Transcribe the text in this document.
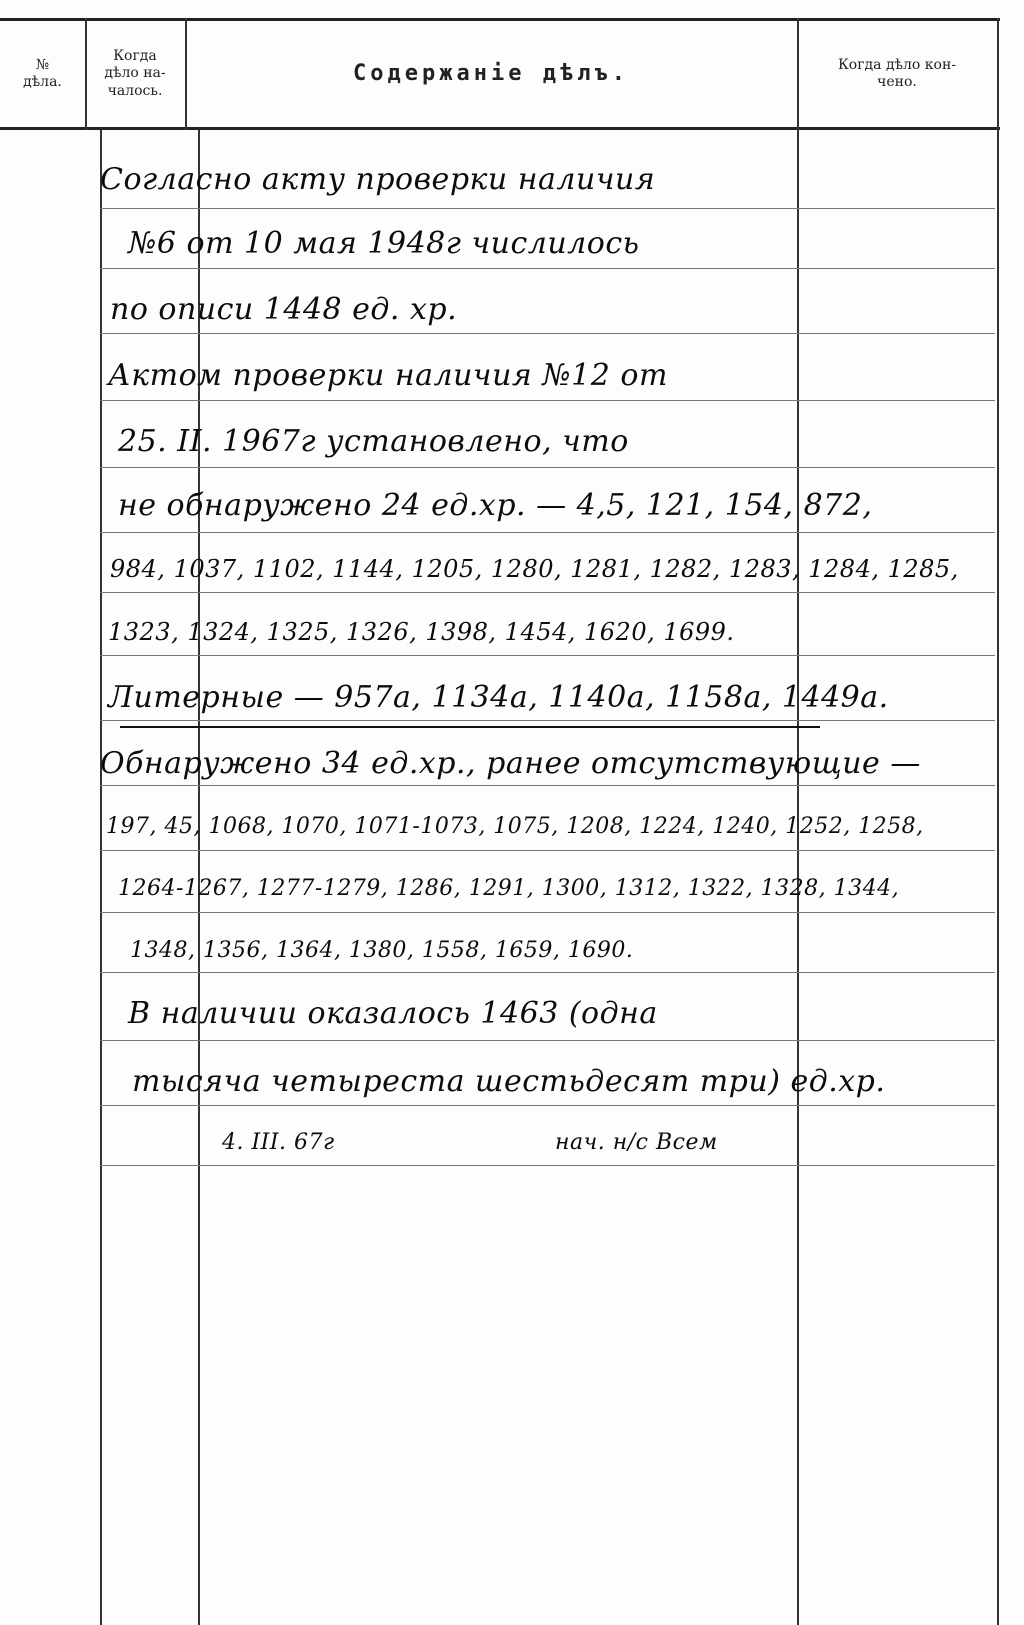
№
дѣла.
Когда
дѣло на-
чалось.
Содержанiе дѣлъ.	Когда дѣло кон-
чено.
Согласно акту проверки наличия
№6 от 10 мая 1948г числилось
по описи 1448 ед. хр.
Актом проверки наличия №12 от
25. II. 1967г установлено, что
не обнаружено 24 ед.хр. — 4,5, 121, 154, 872,
984, 1037, 1102, 1144, 1205, 1280, 1281, 1282, 1283, 1284, 1285,
1323, 1324, 1325, 1326, 1398, 1454, 1620, 1699.
Литерные — 957а, 1134а, 1140а, 1158а, 1449а.
Обнаружено 34 ед.хр., ранее отсутствующие —
197, 45, 1068, 1070, 1071-1073, 1075, 1208, 1224, 1240, 1252, 1258,
1264-1267, 1277-1279, 1286, 1291, 1300, 1312, 1322, 1328, 1344,
1348, 1356, 1364, 1380, 1558, 1659, 1690.
В наличии оказалось 1463 (одна
тысяча четыреста шестьдесят три) ед.хр.
4. III. 67г	нач. н/с Всем
